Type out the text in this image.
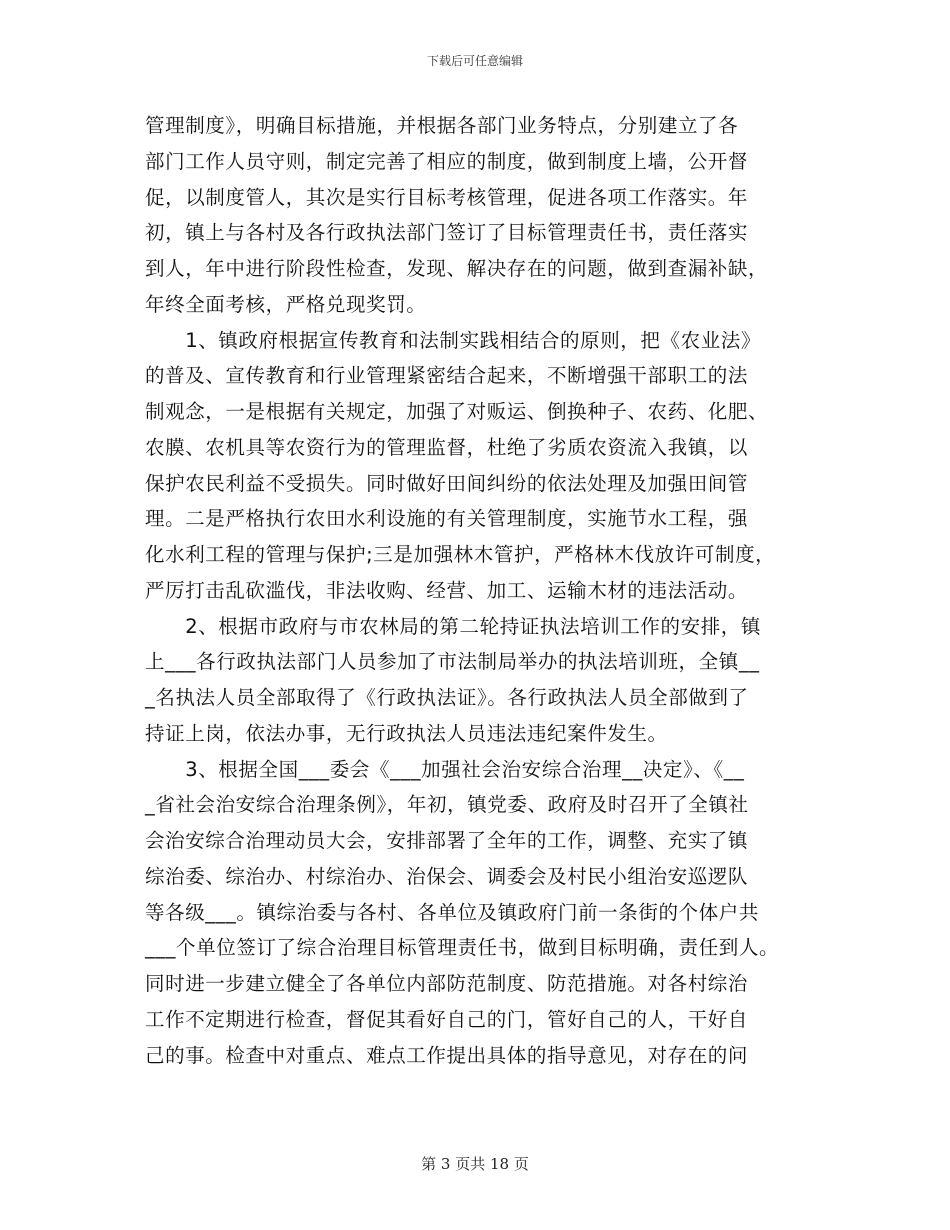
下载后可任意编辑
管理制度》，明确目标措施，并根据各部门业务特点，分别建立了各
部门工作人员守则，制定完善了相应的制度，做到制度上墙，公开督
促，以制度管人，其次是实行目标考核管理，促进各项工作落实。年
初，镇上与各村及各行政执法部门签订了目标管理责任书，责任落实
到人，年中进行阶段性检查，发现、解决存在的问题，做到查漏补缺，
年终全面考核，严格兑现奖罚。
　　1、镇政府根据宣传教育和法制实践相结合的原则，把《农业法》
的普及、宣传教育和行业管理紧密结合起来，不断增强干部职工的法
制观念，一是根据有关规定，加强了对贩运、倒换种子、农药、化肥、
农膜、农机具等农资行为的管理监督，杜绝了劣质农资流入我镇，以
保护农民利益不受损失。同时做好田间纠纷的依法处理及加强田间管
理。二是严格执行农田水利设施的有关管理制度，实施节水工程，强
化水利工程的管理与保护;三是加强林木管护，严格林木伐放许可制度，
严厉打击乱砍滥伐，非法收购、经营、加工、运输木材的违法活动。
　　2、根据市政府与市农林局的第二轮持证执法培训工作的安排，镇
上___各行政执法部门人员参加了市法制局举办的执法培训班，全镇__
_名执法人员全部取得了《行政执法证》。各行政执法人员全部做到了
持证上岗，依法办事，无行政执法人员违法违纪案件发生。
　　3、根据全国___委会《___加强社会治安综合治理__决定》、《__
_省社会治安综合治理条例》，年初，镇党委、政府及时召开了全镇社
会治安综合治理动员大会，安排部署了全年的工作，调整、充实了镇
综治委、综治办、村综治办、治保会、调委会及村民小组治安巡逻队
等各级___。镇综治委与各村、各单位及镇政府门前一条街的个体户共
___个单位签订了综合治理目标管理责任书，做到目标明确，责任到人。
同时进一步建立健全了各单位内部防范制度、防范措施。对各村综治
工作不定期进行检查，督促其看好自己的门，管好自己的人，干好自
己的事。检查中对重点、难点工作提出具体的指导意见，对存在的问
第 3 页共 18 页
